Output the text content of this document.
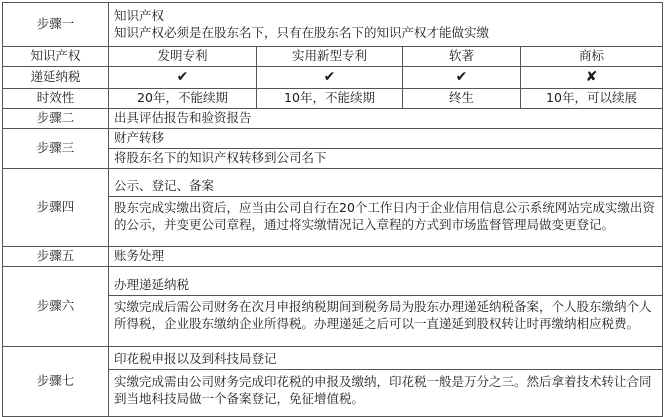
步骤一	知识产权
知识产权必须是在股东名下，只有在股东名下的知识产权才能做实缴			

知识产权	发明专利	实用新型专利	软著	商标
递延纳税	✔	✔	✔	✘
时效性	20年，不能续期	10年，不能续期	终生	10年，可以续展
步骤二	出具评估报告和验资报告			
步骤三	财产转移
将股东名下的知识产权转移到公司名下			

步骤四	公示、登记、备案
股东完成实缴出资后，应当由公司自行在20个工作日内于企业信用信息公示系统网站完成实缴出资的公示，并变更公司章程，通过将实缴情况记入章程的方式到市场监督管理局做变更登记。			

步骤五	账务处理			
步骤六	办理递延纳税
实缴完成后需公司财务在次月申报纳税期间到税务局为股东办理递延纳税备案，个人股东缴纳个人所得税，企业股东缴纳企业所得税。办理递延之后可以一直递延到股权转让时再缴纳相应税费。			

步骤七	印花税申报以及到科技局登记
实缴完成需由公司财务完成印花税的申报及缴纳，印花税一般是万分之三。然后拿着技术转让合同到当地科技局做一个备案登记，免征增值税。			
